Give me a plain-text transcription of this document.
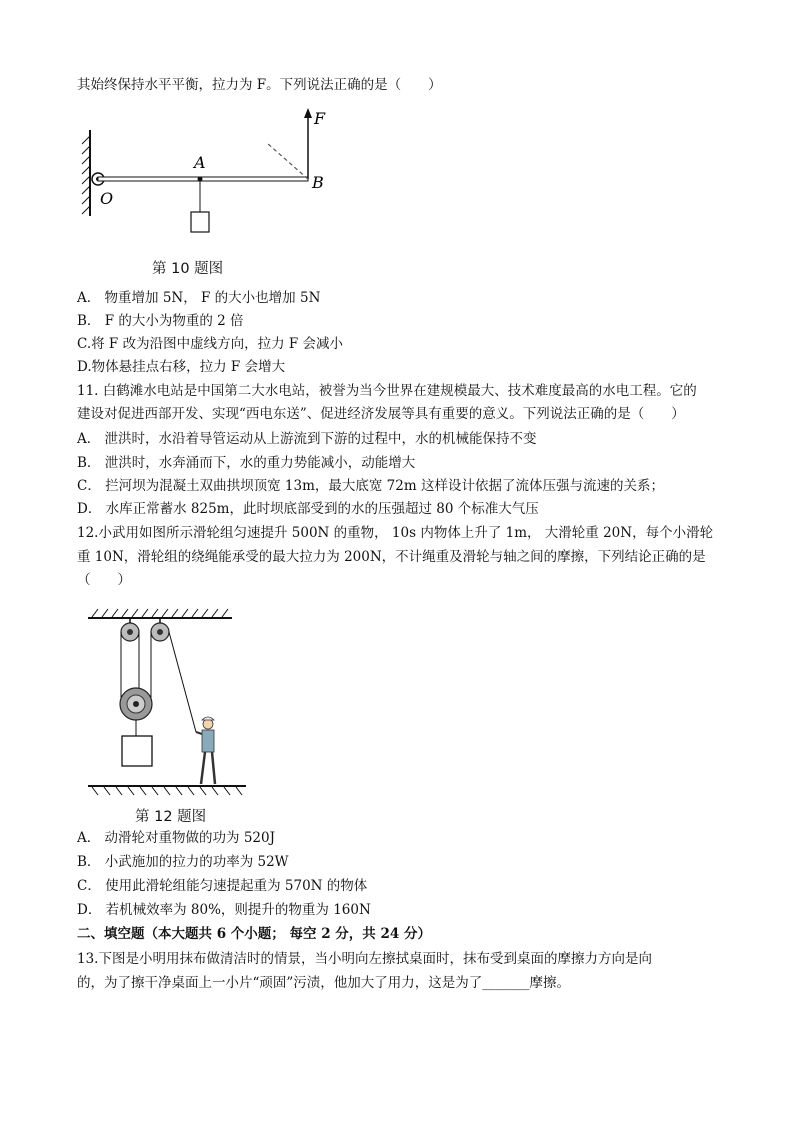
其始终保持水平平衡，拉力为 F。下列说法正确的是（　　）
F
A
O
B
第 10 题图
A． 物重增加 5N， F 的大小也增加 5N
B． F 的大小为物重的 2 倍
C.将 F 改为沿图中虚线方向，拉力 F 会减小
D.物体悬挂点右移，拉力 F 会增大
11. 白鹤滩水电站是中国第二大水电站，被誉为当今世界在建规模最大、技术难度最高的水电工程。它的
建设对促进西部开发、实现“西电东送”、促进经济发展等具有重要的意义。下列说法正确的是（　　）
A． 泄洪时，水沿着导管运动从上游流到下游的过程中，水的机械能保持不变
B． 泄洪时，水奔涌而下，水的重力势能减小，动能增大
C． 拦河坝为混凝土双曲拱坝顶宽 13m，最大底宽 72m 这样设计依据了流体压强与流速的关系；
D． 水库正常蓄水 825m，此时坝底部受到的水的压强超过 80 个标准大气压
12.小武用如图所示滑轮组匀速提升 500N 的重物， 10s 内物体上升了 1m， 大滑轮重 20N，每个小滑轮
重 10N，滑轮组的绕绳能承受的最大拉力为 200N，不计绳重及滑轮与轴之间的摩擦，下列结论正确的是
（　　）
第 12 题图
A． 动滑轮对重物做的功为 520J
B． 小武施加的拉力的功率为 52W
C． 使用此滑轮组能匀速提起重为 570N 的物体
D． 若机械效率为 80%，则提升的物重为 160N
二、填空题（本大题共 6 个小题； 每空 2 分，共 24 分）
13.下图是小明用抹布做清洁时的情景，当小明向左擦拭桌面时，抹布受到桌面的摩擦力方向是向
的，为了擦干净桌面上一小片“顽固”污渍，他加大了用力，这是为了_______摩擦。
